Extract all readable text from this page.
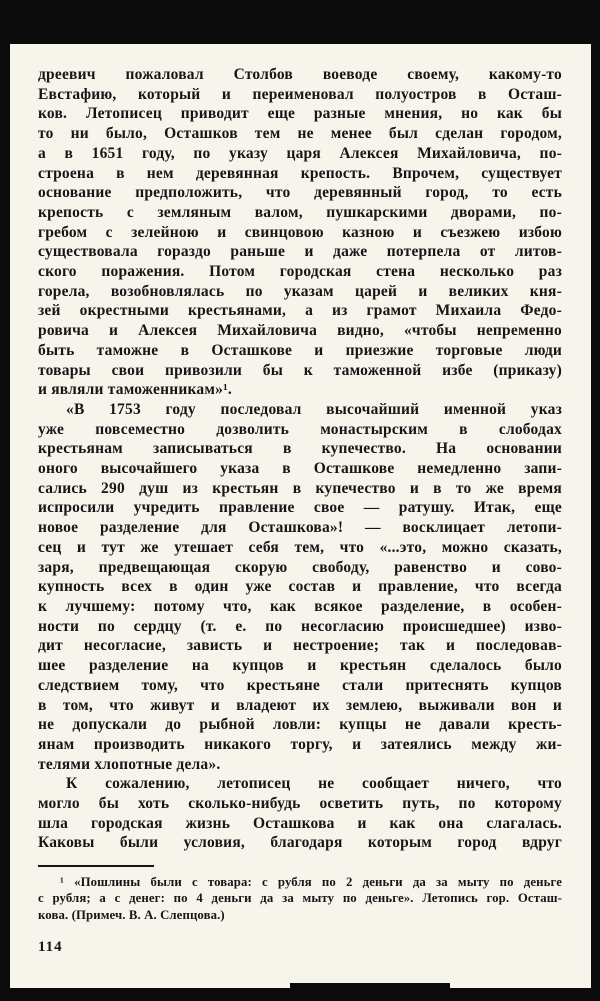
дреевич пожаловал Столбов воеводе своему, какому-то
Евстафию, который и переименовал полуостров в Осташ-
ков. Летописец приводит еще разные мнения, но как бы
то ни было, Осташков тем не менее был сделан городом,
а в 1651 году, по указу царя Алексея Михайловича, по-
строена в нем деревянная крепость. Впрочем, существует
основание предположить, что деревянный город, то есть
крепость с земляным валом, пушкарскими дворами, по-
гребом с зелейною и свинцовою казною и съезжею избою
существовала гораздо раньше и даже потерпела от литов-
ского поражения. Потом городская стена несколько раз
горела, возобновлялась по указам царей и великих кня-
зей окрестными крестьянами, а из грамот Михаила Федо-
ровича и Алексея Михайловича видно, «чтобы непременно
быть таможне в Осташкове и приезжие торговые люди
товары свои привозили бы к таможенной избе (приказу)
и являли таможенникам»¹.
«В 1753 году последовал высочайший именной указ
уже повсеместно дозволить монастырским в слободах
крестьянам записываться в купечество. На основании
оного высочайшего указа в Осташкове немедленно запи-
сались 290 душ из крестьян в купечество и в то же время
испросили учредить правление свое — ратушу. Итак, еще
новое разделение для Осташкова»! — восклицает летопи-
сец и тут же утешает себя тем, что «...это, можно сказать,
заря, предвещающая скорую свободу, равенство и сово-
купность всех в один уже состав и правление, что всегда
к лучшему: потому что, как всякое разделение, в особен-
ности по сердцу (т. е. по несогласию происшедшее) изво-
дит несогласие, зависть и нестроение; так и последовав-
шее разделение на купцов и крестьян сделалось было
следствием тому, что крестьяне стали притеснять купцов
в том, что живут и владеют их землею, выживали вон и
не допускали до рыбной ловли: купцы не давали кресть-
янам производить никакого торгу, и затеялись между жи-
телями хлопотные дела».
К сожалению, летописец не сообщает ничего, что
могло бы хоть сколько-нибудь осветить путь, по которому
шла городская жизнь Осташкова и как она слагалась.
Каковы были условия, благодаря которым город вдруг
¹ «Пошлины были с товара: с рубля по 2 деньги да за мыту по деньге
с рубля; а с денег: по 4 деньги да за мыту по деньге». Летопись гор. Осташ-
кова. (Примеч. В. А. Слепцова.)
114
